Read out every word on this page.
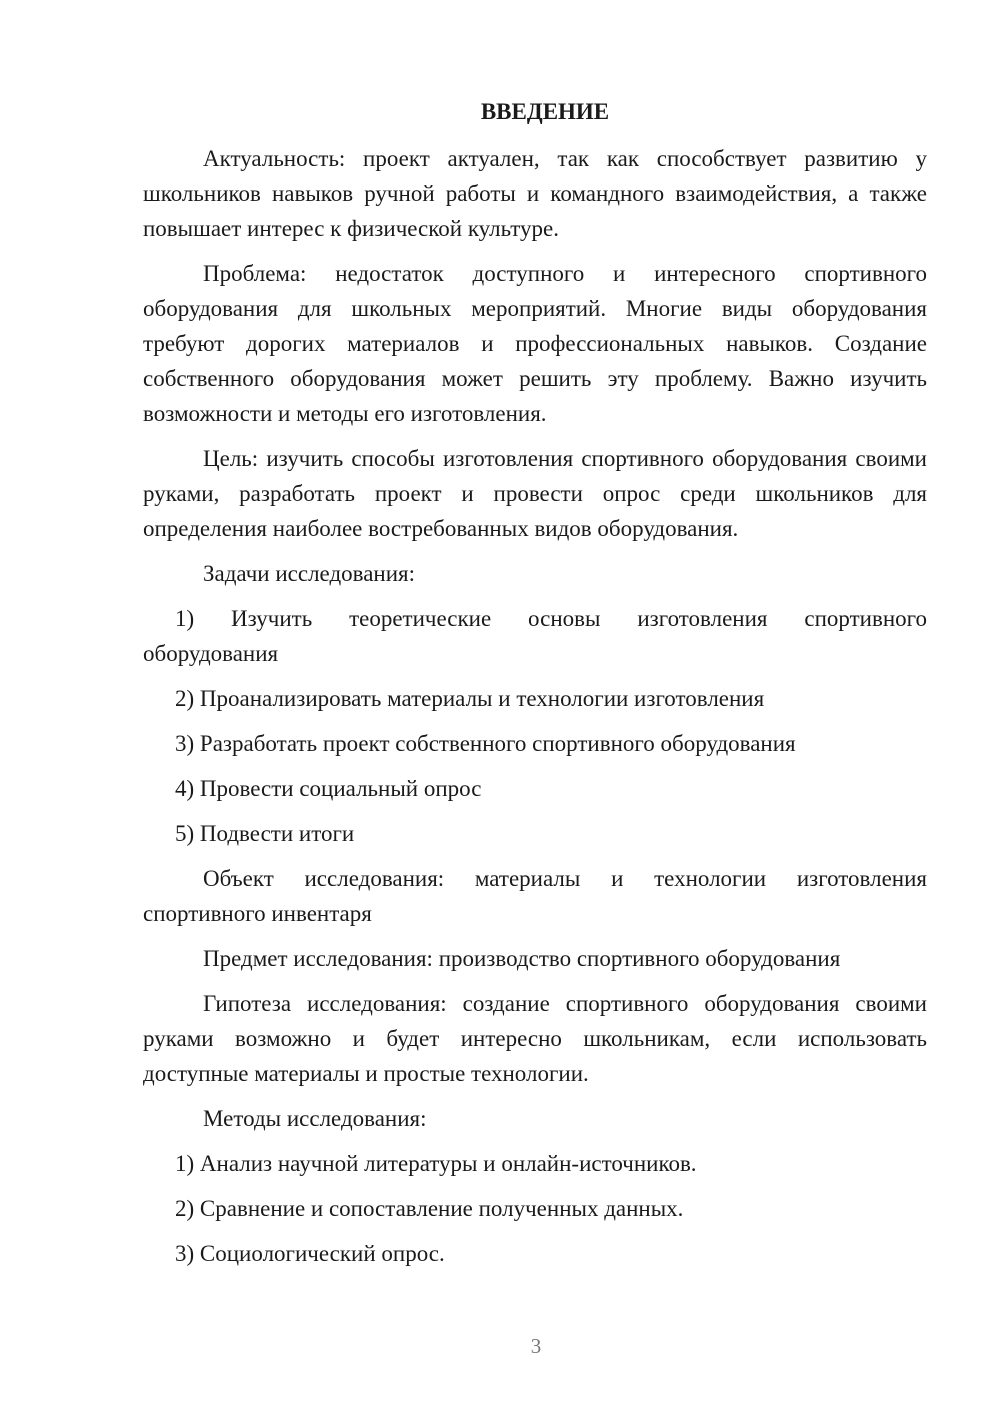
ВВЕДЕНИЕ

Актуальность: проект актуален, так как способствует развитию у школьников навыков ручной работы и командного взаимодействия, а также повышает интерес к физической культуре.

Проблема: недостаток доступного и интересного спортивного оборудования для школьных мероприятий. Многие виды оборудования требуют дорогих материалов и профессиональных навыков. Создание собственного оборудования может решить эту проблему. Важно изучить возможности и методы его изготовления.

Цель: изучить способы изготовления спортивного оборудования своими руками, разработать проект и провести опрос среди школьников для определения наиболее востребованных видов оборудования.

Задачи исследования:

1) Изучить теоретические основы изготовления спортивного
оборудования
2) Проанализировать материалы и технологии изготовления
3) Разработать проект собственного спортивного оборудования
4) Провести социальный опрос
5) Подвести итоги

Объект исследования: материалы и технологии изготовления спортивного инвентаря

Предмет исследования: производство спортивного оборудования

Гипотеза исследования: создание спортивного оборудования своими руками возможно и будет интересно школьникам, если использовать доступные материалы и простые технологии.

Методы исследования:

1) Анализ научной литературы и онлайн-источников.
2) Сравнение и сопоставление полученных данных.
3) Социологический опрос.
3
